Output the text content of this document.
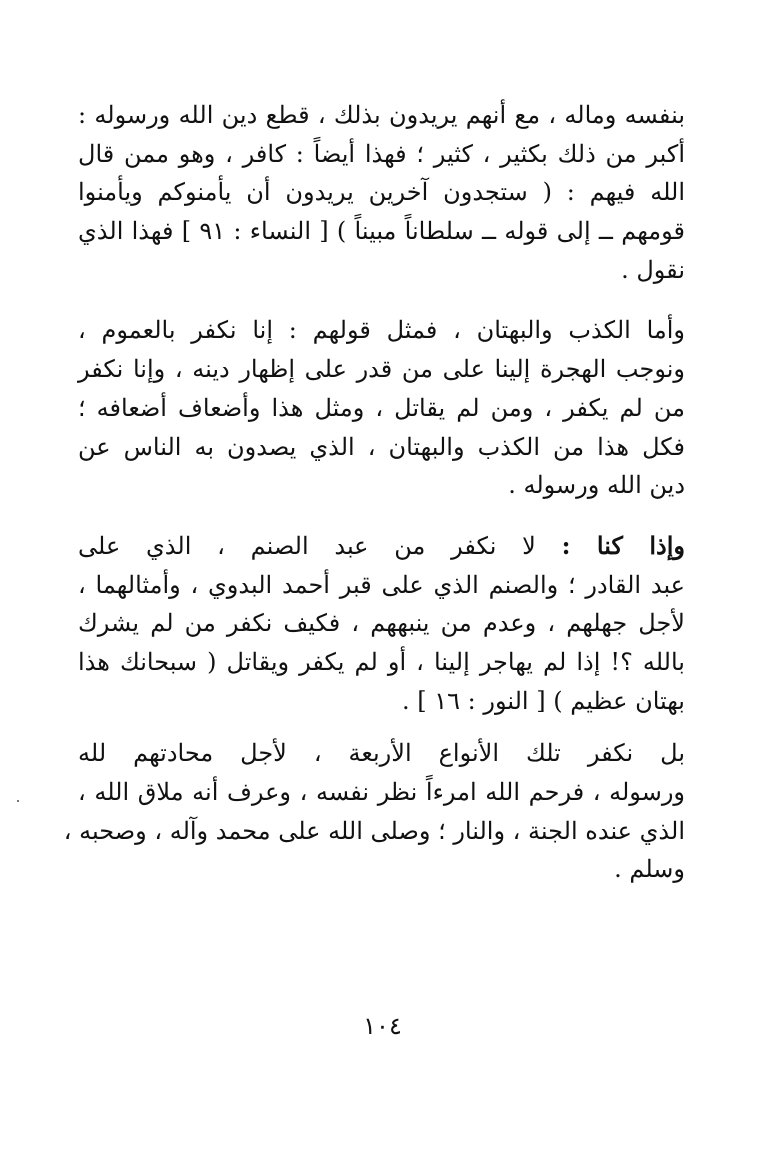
بنفسه وماله ، مع أنهم يريدون بذلك ، قطع دين الله ورسوله :
أكبر من ذلك بكثير ، كثير ؛ فهذا أيضاً : كافر ، وهو ممن قال
الله فيهم : ( ستجدون آخرين يريدون أن يأمنوكم ويأمنوا
قومهم ــ إلى قوله ــ سلطاناً مبيناً ) [ النساء : ٩١ ] فهذا الذي
نقول .

وأما الكذب والبهتان ، فمثل قولهم : إنا نكفر بالعموم ،
ونوجب الهجرة إلينا على من قدر على إظهار دينه ، وإنا نكفر
من لم يكفر ، ومن لم يقاتل ، ومثل هذا وأضعاف أضعافه ؛
فكل هذا من الكذب والبهتان ، الذي يصدون به الناس عن
دين الله ورسوله .

وإذا كنا : لا نكفر من عبد الصنم ، الذي على
عبد القادر ؛ والصنم الذي على قبر أحمد البدوي ، وأمثالهما ،
لأجل جهلهم ، وعدم من ينبههم ، فكيف نكفر من لم يشرك
بالله ؟! إذا لم يهاجر إلينا ، أو لم يكفر ويقاتل ( سبحانك هذا
بهتان عظيم ) [ النور : ١٦ ] .

بل نكفر تلك الأنواع الأربعة ، لأجل محادتهم لله
ورسوله ، فرحم الله امرءاً نظر نفسه ، وعرف أنه ملاق الله ،
الذي عنده الجنة ، والنار ؛ وصلى الله على محمد وآله ، وصحبه ،
وسلم .

١٠٤
